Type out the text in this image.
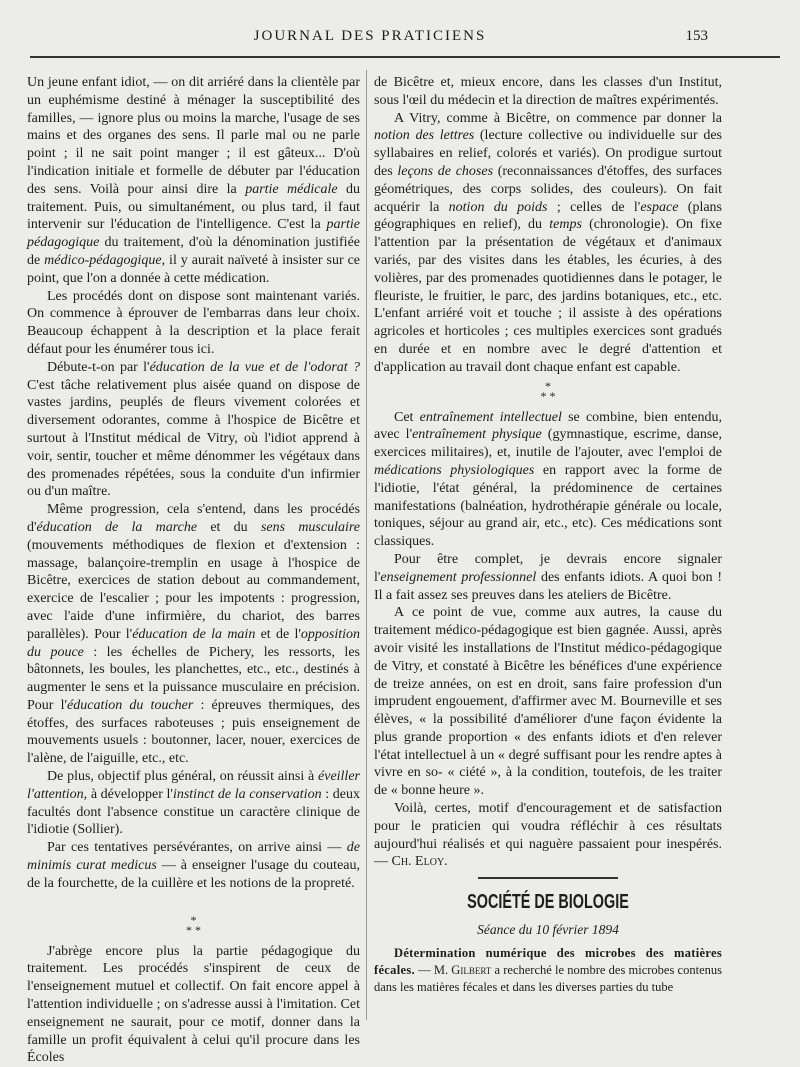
JOURNAL DES PRATICIENS	153

Un jeune enfant idiot, — on dit arriéré dans la clientèle par un euphémisme destiné à ménager la susceptibilité des familles, — ignore plus ou moins la marche, l'usage de ses mains et des organes des sens. Il parle mal ou ne parle point ; il ne sait point manger ; il est gâteux... D'où l'indication initiale et formelle de débuter par l'éducation des sens. Voilà pour ainsi dire la partie médicale du traitement. Puis, ou simultanément, ou plus tard, il faut intervenir sur l'éducation de l'intelligence. C'est la partie pédagogique du traitement, d'où la dénomination justifiée de médico-pédagogique, il y aurait naïveté à insister sur ce point, que l'on a donnée à cette médication.

Les procédés dont on dispose sont maintenant variés. On commence à éprouver de l'embarras dans leur choix. Beaucoup échappent à la description et la place ferait défaut pour les énumérer tous ici.

Débute-t-on par l'éducation de la vue et de l'odorat ? C'est tâche relativement plus aisée quand on dispose de vastes jardins, peuplés de fleurs vivement colorées et diversement odorantes, comme à l'hospice de Bicêtre et surtout à l'Institut médical de Vitry, où l'idiot apprend à voir, sentir, toucher et même dénommer les végétaux dans des promenades répétées, sous la conduite d'un infirmier ou d'un maître.

Même progression, cela s'entend, dans les procédés d'éducation de la marche et du sens musculaire (mouvements méthodiques de flexion et d'extension : massage, balançoire-tremplin en usage à l'hospice de Bicêtre, exercices de station debout au commandement, exercice de l'escalier ; pour les impotents : progression, avec l'aide d'une infirmière, du chariot, des barres parallèles). Pour l'éducation de la main et de l'opposition du pouce : les échelles de Pichery, les ressorts, les bâtonnets, les boules, les planchettes, etc., etc., destinés à augmenter le sens et la puissance musculaire en précision. Pour l'éducation du toucher : épreuves thermiques, des étoffes, des surfaces raboteuses ; puis enseignement de mouvements usuels : boutonner, lacer, nouer, exercices de l'alène, de l'aiguille, etc., etc.

De plus, objectif plus général, on réussit ainsi à éveiller l'attention, à développer l'instinct de la conservation : deux facultés dont l'absence constitue un caractère clinique de l'idiotie (Sollier).

Par ces tentatives persévérantes, on arrive ainsi — de minimis curat medicus — à enseigner l'usage du couteau, de la fourchette, de la cuillère et les notions de la propreté.

*
* *

J'abrège encore plus la partie pédagogique du traitement. Les procédés s'inspirent de ceux de l'enseignement mutuel et collectif. On fait encore appel à l'attention individuelle ; on s'adresse aussi à l'imitation. Cet enseignement ne saurait, pour ce motif, donner dans la famille un profit équivalent à celui qu'il procure dans les Écoles

de Bicêtre et, mieux encore, dans les classes d'un Institut, sous l'œil du médecin et la direction de maîtres expérimentés.

A Vitry, comme à Bicêtre, on commence par donner la notion des lettres (lecture collective ou individuelle sur des syllabaires en relief, colorés et variés). On prodigue surtout des leçons de choses (reconnaissances d'étoffes, des surfaces géométriques, des corps solides, des couleurs). On fait acquérir la notion du poids ; celles de l'espace (plans géographiques en relief), du temps (chronologie). On fixe l'attention par la présentation de végétaux et d'animaux variés, par des visites dans les étables, les écuries, à des volières, par des promenades quotidiennes dans le potager, le fleuriste, le fruitier, le parc, des jardins botaniques, etc., etc. L'enfant arriéré voit et touche ; il assiste à des opérations agricoles et horticoles ; ces multiples exercices sont gradués en durée et en nombre avec le degré d'attention et d'application au travail dont chaque enfant est capable.

*
* *

Cet entraînement intellectuel se combine, bien entendu, avec l'entraînement physique (gymnastique, escrime, danse, exercices militaires), et, inutile de l'ajouter, avec l'emploi de médications physiologiques en rapport avec la forme de l'idiotie, l'état général, la prédominence de certaines manifestations (balnéation, hydrothérapie générale ou locale, toniques, séjour au grand air, etc., etc). Ces médications sont classiques.

Pour être complet, je devrais encore signaler l'enseignement professionnel des enfants idiots. A quoi bon ! Il a fait assez ses preuves dans les ateliers de Bicêtre.

A ce point de vue, comme aux autres, la cause du traitement médico-pédagogique est bien gagnée. Aussi, après avoir visité les installations de l'Institut médico-pédagogique de Vitry, et constaté à Bicêtre les bénéfices d'une expérience de treize années, on est en droit, sans faire profession d'un imprudent engouement, d'affirmer avec M. Bourneville et ses élèves, « la possibilité d'améliorer d'une façon évidente la plus grande proportion « des enfants idiots et d'en relever l'état intellectuel à un « degré suffisant pour les rendre aptes à vivre en so- « ciété », à la condition, toutefois, de les traiter de « bonne heure ».

Voilà, certes, motif d'encouragement et de satisfaction pour le praticien qui voudra réfléchir à ces résultats aujourd'hui réalisés et qui naguère passaient pour inespérés. — Ch. Eloy.

SOCIÉTÉ DE BIOLOGIE
Séance du 10 février 1894

Détermination numérique des microbes des matières fécales. — M. Gilbert a recherché le nombre des microbes contenus dans les matières fécales et dans les diverses parties du tube
